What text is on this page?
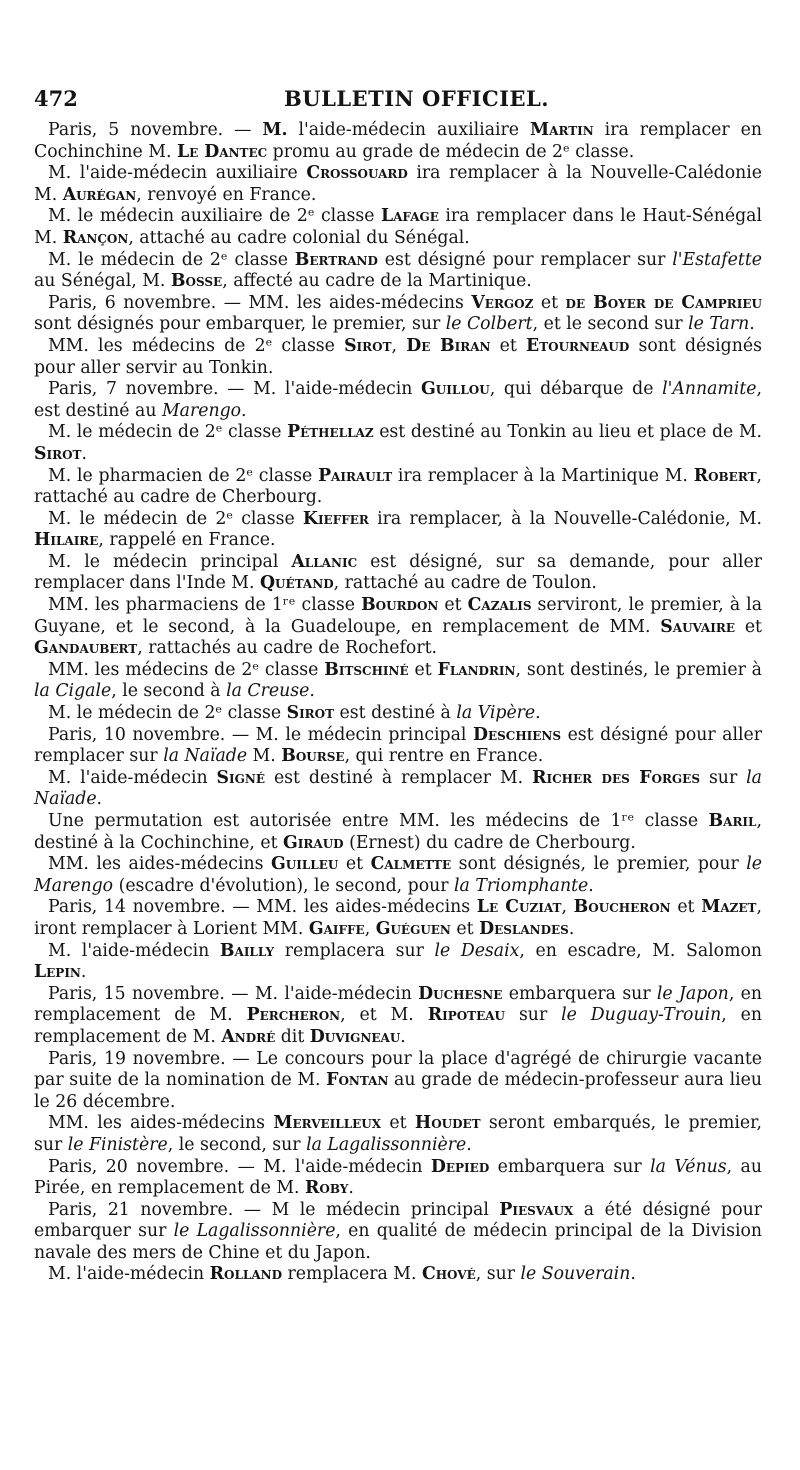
472	BULLETIN OFFICIEL.

Paris, 5 novembre. — M. l'aide-médecin auxiliaire Martin ira remplacer en Cochinchine M. Le Dantec promu au grade de médecin de 2ᵉ classe.

M. l'aide-médecin auxiliaire Crossouard ira remplacer à la Nouvelle-Calédonie M. Aurégan, renvoyé en France.

M. le médecin auxiliaire de 2ᵉ classe Lafage ira remplacer dans le Haut-Sénégal M. Rançon, attaché au cadre colonial du Sénégal.

M. le médecin de 2ᵉ classe Bertrand est désigné pour remplacer sur l'Estafette au Sénégal, M. Bosse, affecté au cadre de la Martinique.

Paris, 6 novembre. — MM. les aides-médecins Vergoz et de Boyer de Camprieu sont désignés pour embarquer, le premier, sur le Colbert, et le second sur le Tarn.

MM. les médecins de 2ᵉ classe Sirot, De Biran et Etourneaud sont désignés pour aller servir au Tonkin.

Paris, 7 novembre. — M. l'aide-médecin Guillou, qui débarque de l'Annamite, est destiné au Marengo.

M. le médecin de 2ᵉ classe Péthellaz est destiné au Tonkin au lieu et place de M. Sirot.

M. le pharmacien de 2ᵉ classe Pairault ira remplacer à la Martinique M. Robert, rattaché au cadre de Cherbourg.

M. le médecin de 2ᵉ classe Kieffer ira remplacer, à la Nouvelle-Calédonie, M. Hilaire, rappelé en France.

M. le médecin principal Allanic est désigné, sur sa demande, pour aller remplacer dans l'Inde M. Quétand, rattaché au cadre de Toulon.

MM. les pharmaciens de 1ʳᵉ classe Bourdon et Cazalis serviront, le premier, à la Guyane, et le second, à la Guadeloupe, en remplacement de MM. Sauvaire et Gandaubert, rattachés au cadre de Rochefort.

MM. les médecins de 2ᵉ classe Bitschiné et Flandrin, sont destinés, le premier à la Cigale, le second à la Creuse.

M. le médecin de 2ᵉ classe Sirot est destiné à la Vipère.

Paris, 10 novembre. — M. le médecin principal Deschiens est désigné pour aller remplacer sur la Naïade M. Bourse, qui rentre en France.

M. l'aide-médecin Signé est destiné à remplacer M. Richer des Forges sur la Naïade.

Une permutation est autorisée entre MM. les médecins de 1ʳᵉ classe Baril, destiné à la Cochinchine, et Giraud (Ernest) du cadre de Cherbourg.

MM. les aides-médecins Guilleu et Calmette sont désignés, le premier, pour le Marengo (escadre d'évolution), le second, pour la Triomphante.

Paris, 14 novembre. — MM. les aides-médecins Le Cuziat, Boucheron et Mazet, iront remplacer à Lorient MM. Gaiffe, Guéguen et Deslandes.

M. l'aide-médecin Bailly remplacera sur le Desaix, en escadre, M. Salomon Lepin.

Paris, 15 novembre. — M. l'aide-médecin Duchesne embarquera sur le Japon, en remplacement de M. Percheron, et M. Ripoteau sur le Duguay-Trouin, en remplacement de M. André dit Duvigneau.

Paris, 19 novembre. — Le concours pour la place d'agrégé de chirurgie vacante par suite de la nomination de M. Fontan au grade de médecin-professeur aura lieu le 26 décembre.

MM. les aides-médecins Merveilleux et Houdet seront embarqués, le premier, sur le Finistère, le second, sur la Lagalissonnière.

Paris, 20 novembre. — M. l'aide-médecin Depied embarquera sur la Vénus, au Pirée, en remplacement de M. Roby.

Paris, 21 novembre. — M le médecin principal Piesvaux a été désigné pour embarquer sur le Lagalissonnière, en qualité de médecin principal de la Division navale des mers de Chine et du Japon.

M. l'aide-médecin Rolland remplacera M. Chové, sur le Souverain.
